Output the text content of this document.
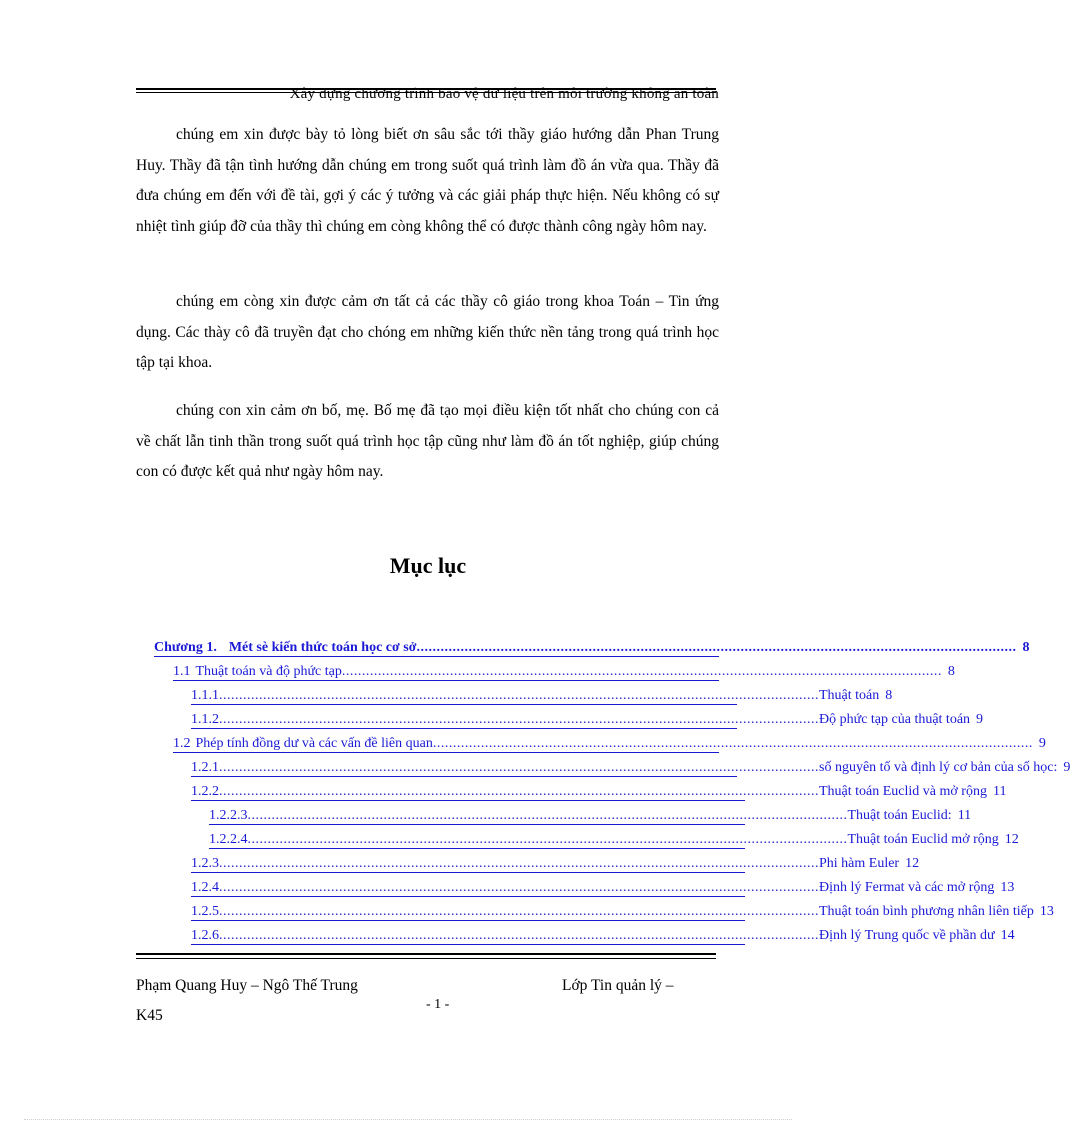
Xây dựng chương trình bảo vệ dữ liệu trên môi trường không an toàn
chúng em xin được bày tỏ lòng biết ơn sâu sắc tới thầy giáo hướng dẫn Phan Trung Huy. Thầy đã tận tình hướng dẫn chúng em trong suốt quá trình làm đồ án vừa qua. Thầy đã đưa chúng em đến với đề tài, gợi ý các ý tưởng và các giải pháp thực hiện. Nếu không có sự nhiệt tình giúp đỡ của thầy thì chúng em còng không thể có được thành công ngày hôm nay.
chúng em còng xin được cảm ơn tất cả các thầy cô giáo trong khoa Toán – Tin ứng dụng. Các thày cô đã truyền đạt cho chóng em những kiến thức nền tảng trong quá trình học tập tại khoa.
chúng con xin cảm ơn bố, mẹ. Bố mẹ đã tạo mọi điều kiện tốt nhất cho chúng con cả về chất lẫn tinh thần trong suốt quá trình học tập cũng như làm đồ án tốt nghiệp, giúp chúng con có được kết quả như ngày hôm nay.
Mục lục
Chương 1. Mét sè kiến thức toán học cơ sở ...................................................................................................................................................... 8
1.1 Thuật toán và độ phức tạp ...................................................................................................................................................... 8
1.1.1 ...................................................................................................................................................... Thuật toán 8
1.1.2 ...................................................................................................................................................... Độ phức tạp của thuật toán 9
1.2 Phép tính đồng dư và các vấn đề liên quan ...................................................................................................................................................... 9
1.2.1 ...................................................................................................................................................... số nguyên tố và định lý cơ bản của số học: 9
1.2.2 ...................................................................................................................................................... Thuật toán Euclid và mở rộng 11
1.2.2.3 ...................................................................................................................................................... Thuật toán Euclid: 11
1.2.2.4 ...................................................................................................................................................... Thuật toán Euclid mở rộng 12
1.2.3 ...................................................................................................................................................... Phi hàm Euler 12
1.2.4 ...................................................................................................................................................... Định lý Fermat và các mở rộng 13
1.2.5 ...................................................................................................................................................... Thuật toán bình phương nhân liên tiếp 13
1.2.6 ...................................................................................................................................................... Định lý Trung quốc về phần dư 14
Phạm Quang Huy – Ngô Thế Trung	Lớp Tin quản lý –
K45
- 1 -
